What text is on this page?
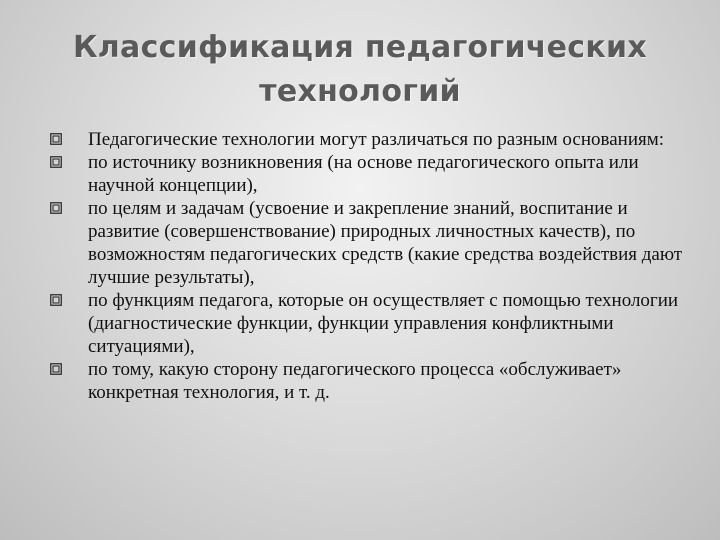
Классификация педагогических
технологий
Педагогические технологии могут различаться по разным основаниям:
по источнику возникновения (на основе педагогического опыта или научной концепции),
по целям и задачам (усвоение и закрепление знаний, воспитание и развитие (совершенствование) природных личностных качеств), по возможностям педагогических средств (какие средства воздействия дают лучшие результаты),
по функциям педагога, которые он осуществляет с помощью технологии (диагностические функции, функции управления конфликтными ситуациями),
по тому, какую сторону педагогического процесса «обслуживает» конкретная технология, и т. д.
